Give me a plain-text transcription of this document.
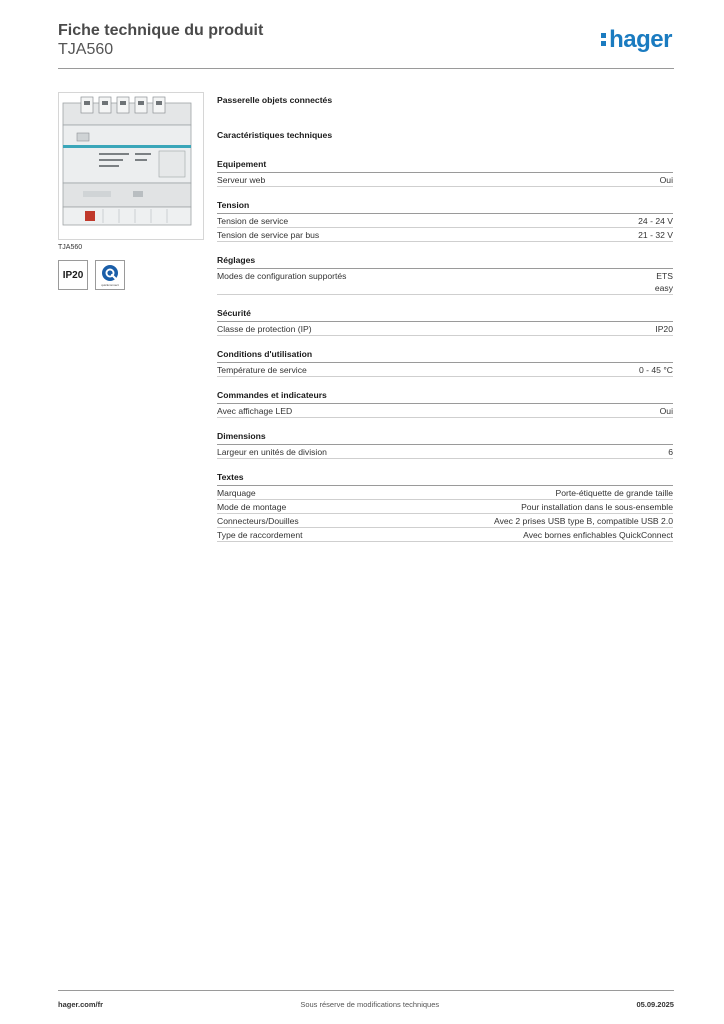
Fiche technique du produit
TJA560	hager
TJA560
IP20
quickconnect
Passerelle objets connectés
Caractéristiques techniques
Equipement
Serveur web	Oui
Tension
Tension de service	24 - 24 V
Tension de service par bus	21 - 32 V
Réglages
Modes de configuration supportés	ETS
easy
Sécurité
Classe de protection (IP)	IP20
Conditions d'utilisation
Température de service	0 - 45 °C
Commandes et indicateurs
Avec affichage LED	Oui
Dimensions
Largeur en unités de division	6
Textes
Marquage	Porte-étiquette de grande taille
Mode de montage	Pour installation dans le sous-ensemble
Connecteurs/Douilles	Avec 2 prises USB type B, compatible USB 2.0
Type de raccordement	Avec bornes enfichables QuickConnect
hager.com/fr	Sous réserve de modifications techniques	05.09.2025
